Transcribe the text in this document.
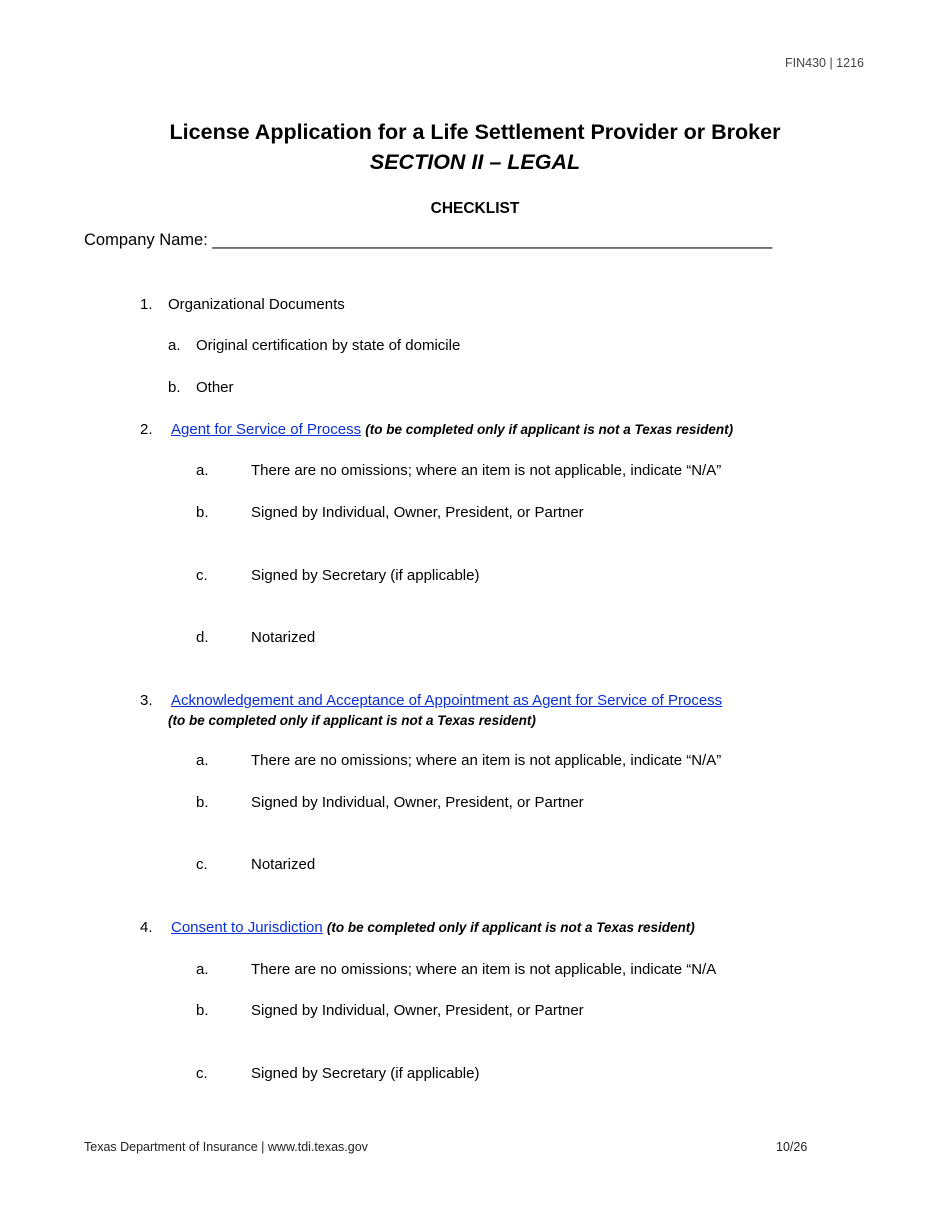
FIN430 | 1216
License Application for a Life Settlement Provider or Broker
SECTION II – LEGAL
CHECKLIST
Company Name: _____________________________________________________________
1. Organizational Documents
a. Original certification by state of domicile
b. Other
2. Agent for Service of Process (to be completed only if applicant is not a Texas resident)
a.	There are no omissions; where an item is not applicable, indicate “N/A”
b.	Signed by Individual, Owner, President, or Partner
c.	Signed by Secretary (if applicable)
d.	Notarized
3. Acknowledgement and Acceptance of Appointment as Agent for Service of Process
(to be completed only if applicant is not a Texas resident)
a.	There are no omissions; where an item is not applicable, indicate “N/A”
b.	Signed by Individual, Owner, President, or Partner
c.	Notarized
4. Consent to Jurisdiction (to be completed only if applicant is not a Texas resident)
a.	There are no omissions; where an item is not applicable, indicate “N/A
b.	Signed by Individual, Owner, President, or Partner
c.	Signed by Secretary (if applicable)
Texas Department of Insurance | www.tdi.texas.gov	10/26
